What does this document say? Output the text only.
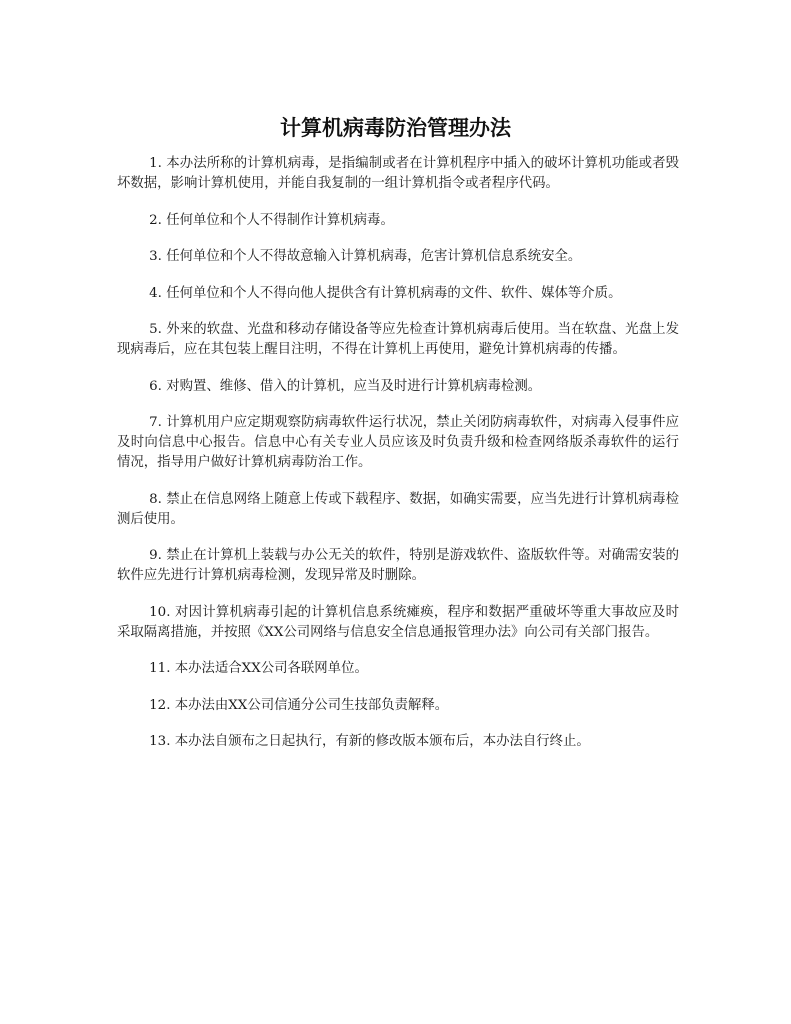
计算机病毒防治管理办法

1. 本办法所称的计算机病毒，是指编制或者在计算机程序中插入的破坏计算机功能或者毁坏数据，影响计算机使用，并能自我复制的一组计算机指令或者程序代码。

2. 任何单位和个人不得制作计算机病毒。

3. 任何单位和个人不得故意输入计算机病毒，危害计算机信息系统安全。

4. 任何单位和个人不得向他人提供含有计算机病毒的文件、软件、媒体等介质。

5. 外来的软盘、光盘和移动存储设备等应先检查计算机病毒后使用。当在软盘、光盘上发现病毒后，应在其包装上醒目注明，不得在计算机上再使用，避免计算机病毒的传播。

6. 对购置、维修、借入的计算机，应当及时进行计算机病毒检测。

7. 计算机用户应定期观察防病毒软件运行状况，禁止关闭防病毒软件，对病毒入侵事件应及时向信息中心报告。信息中心有关专业人员应该及时负责升级和检查网络版杀毒软件的运行情况，指导用户做好计算机病毒防治工作。

8. 禁止在信息网络上随意上传或下载程序、数据，如确实需要，应当先进行计算机病毒检测后使用。

9. 禁止在计算机上装载与办公无关的软件，特别是游戏软件、盗版软件等。对确需安装的软件应先进行计算机病毒检测，发现异常及时删除。

10. 对因计算机病毒引起的计算机信息系统瘫痪，程序和数据严重破坏等重大事故应及时采取隔离措施，并按照《XX公司网络与信息安全信息通报管理办法》向公司有关部门报告。

11. 本办法适合XX公司各联网单位。

12. 本办法由XX公司信通分公司生技部负责解释。

13. 本办法自颁布之日起执行，有新的修改版本颁布后，本办法自行终止。
